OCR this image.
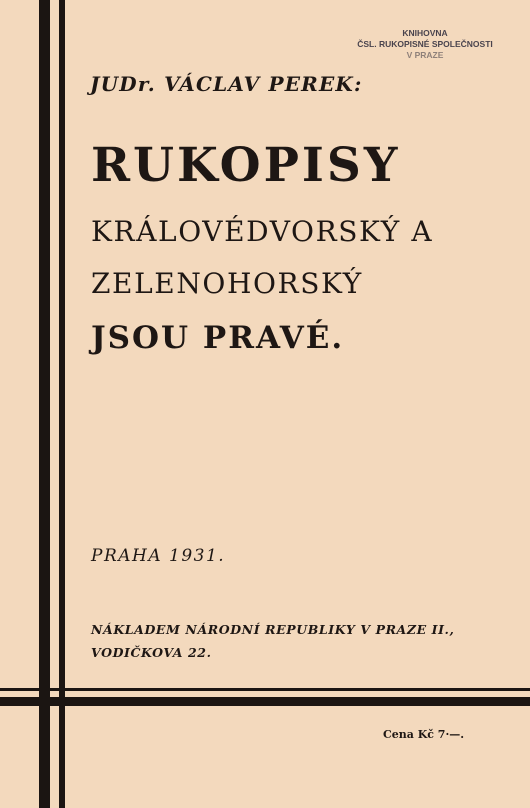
KNIHOVNA
ČSL. RUKOPISNÉ SPOLEČNOSTI
V PRAZE
JUDr. VÁCLAV PEREK:
RUKOPISY
KRÁLOVÉDVORSKÝ A
ZELENOHORSKÝ
JSOU PRAVÉ.
PRAHA 1931.
NÁKLADEM NÁRODNÍ REPUBLIKY V PRAZE II.,
VODIČKOVA 22.
Cena Kč 7·—.
